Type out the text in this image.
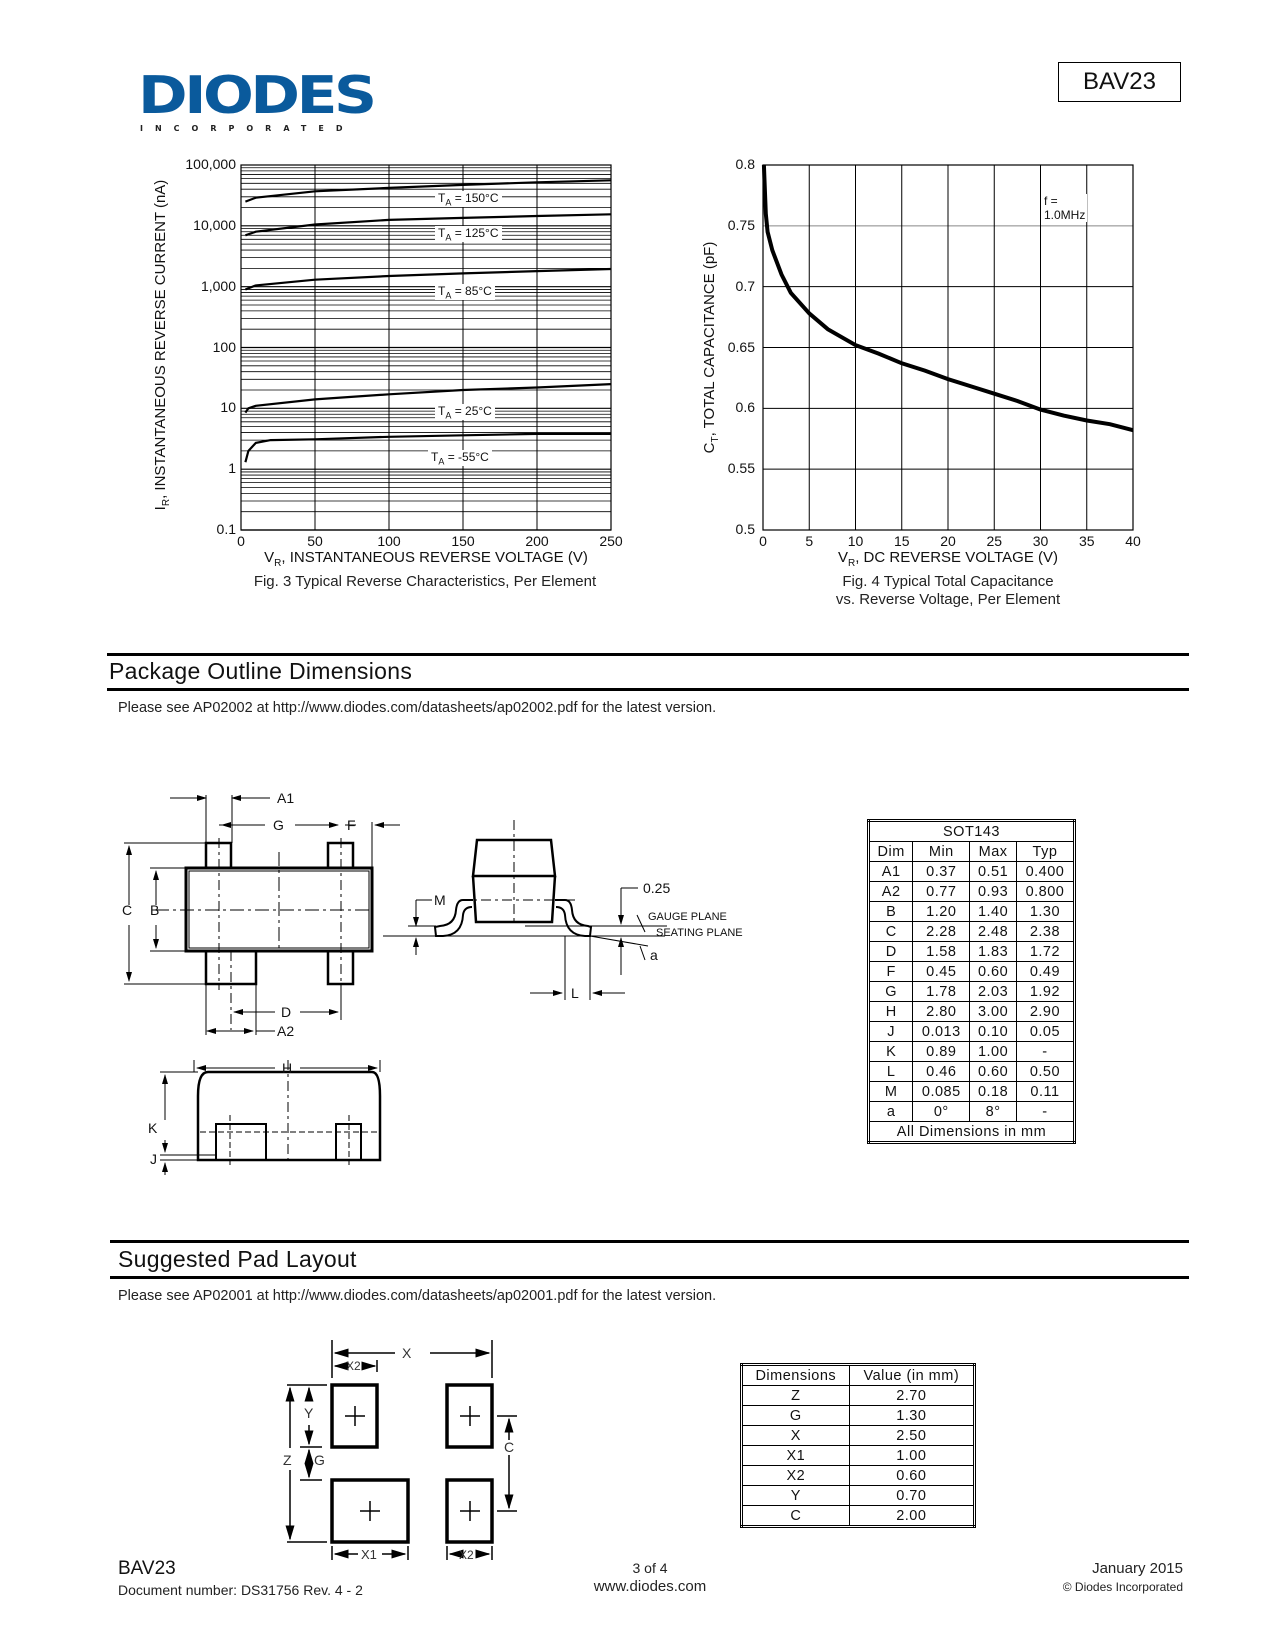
DIODES
INCORPORATED
BAV23
100,000
10,000
1,000
100
10
1
0.1
0	50	100	150	200	250
$T_A = 150^\circ C$
$T_A = 125^\circ C$
$T_A = 85^\circ C$
$T_A = 25^\circ C$
$T_A = -55^\circ C$
$I_R$, INSTANTANEOUS REVERSE CURRENT (nA)
$V_R$, INSTANTANEOUS REVERSE VOLTAGE (V)
Fig. 3 Typical Reverse Characteristics, Per Element
0.8
0.75
0.7
0.65
0.6
0.55
0.5
0	5	10	15	20	25	30	35	40
f = 1.0MHz
$C_T$, TOTAL CAPACITANCE (pF)
$V_R$, DC REVERSE VOLTAGE (V)
Fig. 4 Typical Total Capacitance
vs. Reverse Voltage, Per Element
Package Outline Dimensions
Please see AP02002 at http://www.diodes.com/datasheets/ap02002.pdf for the latest version.
A1
G	F
C B
D
A2
M
L
a
0.25
H
K
J
GAUGE PLANE
SEATING PLANE
SOT143			
Dim	Min	Max	Typ
A1	0.37	0.51	0.400
A2	0.77	0.93	0.800
B	1.20	1.40	1.30
C	2.28	2.48	2.38
D	1.58	1.83	1.72
F	0.45	0.60	0.49
G	1.78	2.03	1.92
H	2.80	3.00	2.90
J	0.013	0.10	0.05
K	0.89	1.00	-
L	0.46	0.60	0.50
M	0.085	0.18	0.11
a	0°	8°	-
All Dimensions in mm			
Suggested Pad Layout
Please see AP02001 at http://www.diodes.com/datasheets/ap02001.pdf for the latest version.
X
X2
Y
Z G
C
X1	X2
Dimensions	Value (in mm)
Z	2.70
G	1.30
X	2.50
X1	1.00
X2	0.60
Y	0.70
C	2.00
BAV23
Document number: DS31756 Rev. 4 - 2
3 of 4
www.diodes.com
January 2015
© Diodes Incorporated
